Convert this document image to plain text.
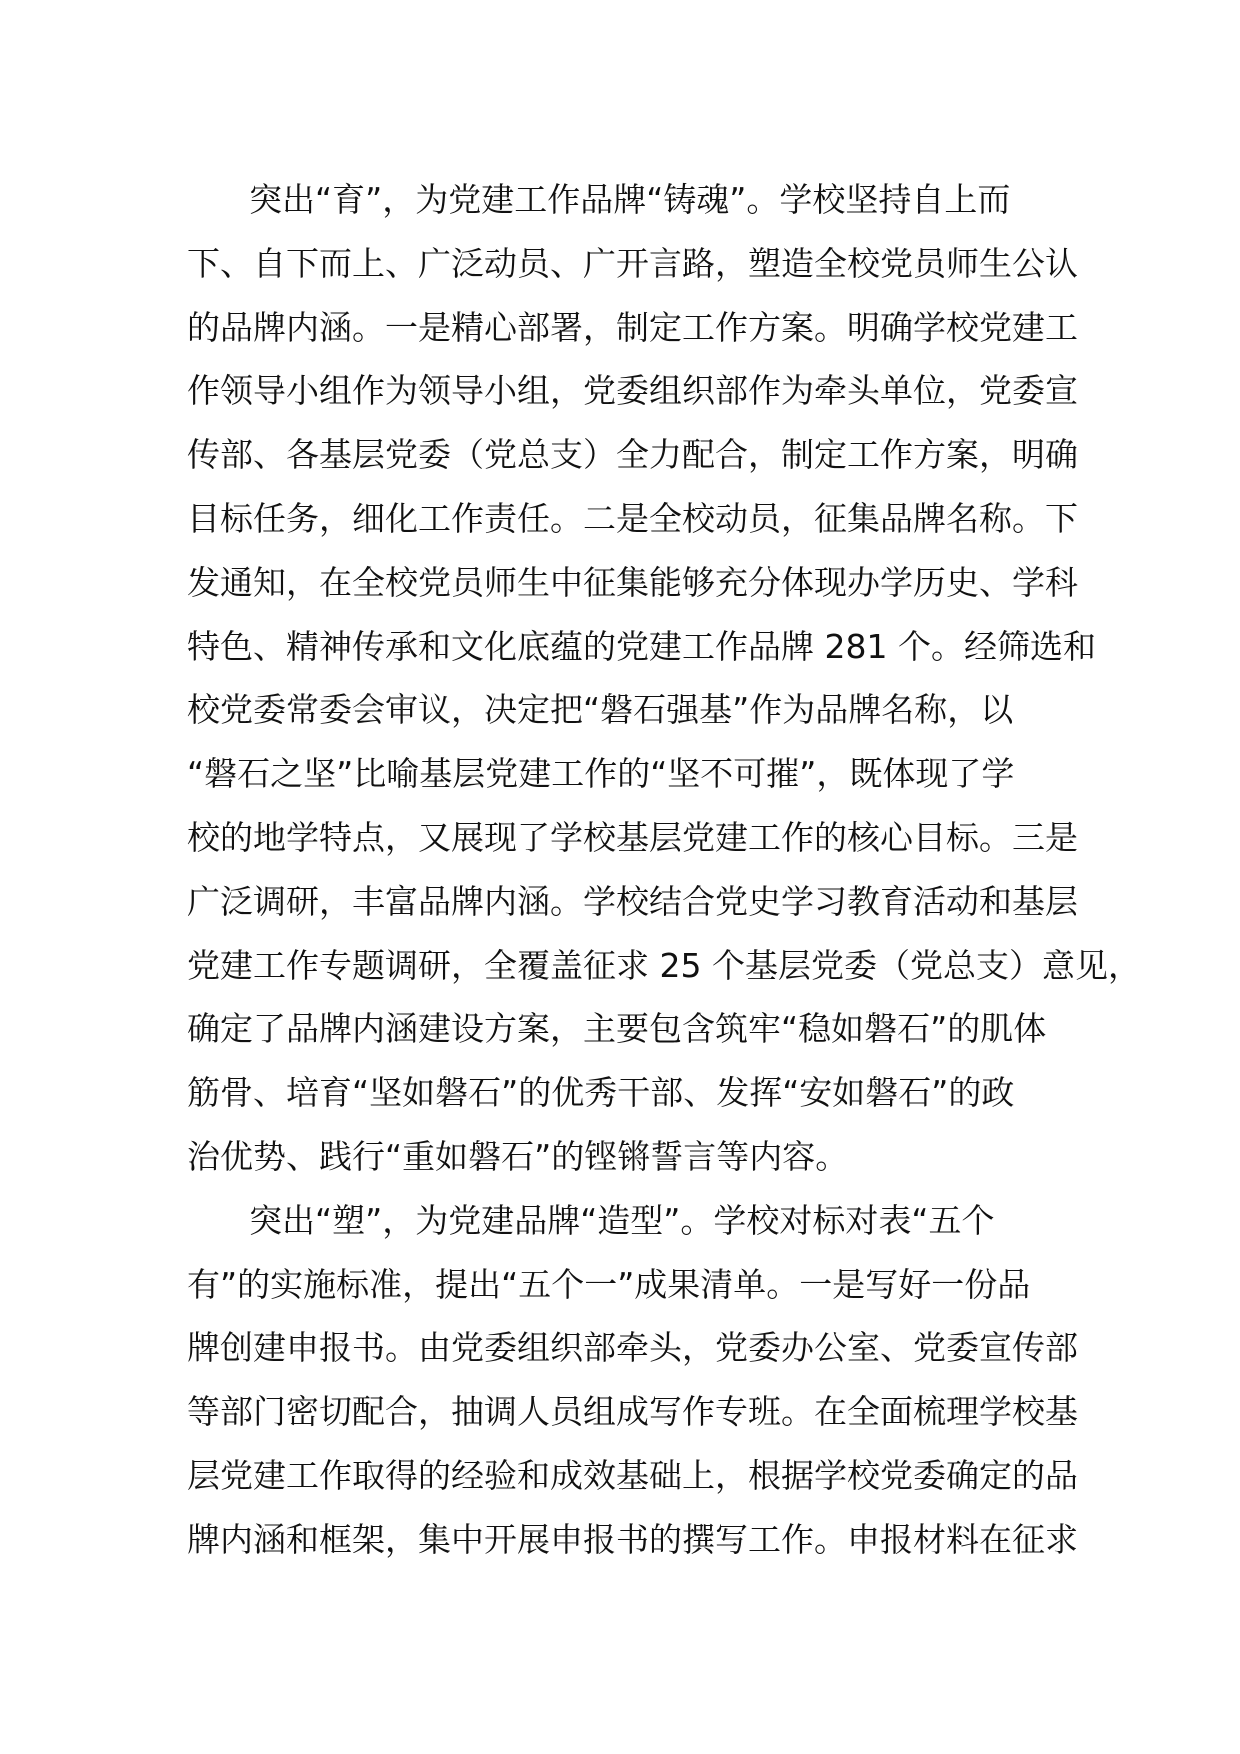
突出“育”，为党建工作品牌“铸魂”。学校坚持自上而
下、自下而上、广泛动员、广开言路，塑造全校党员师生公认
的品牌内涵。一是精心部署，制定工作方案。明确学校党建工
作领导小组作为领导小组，党委组织部作为牵头单位，党委宣
传部、各基层党委（党总支）全力配合，制定工作方案，明确
目标任务，细化工作责任。二是全校动员，征集品牌名称。下
发通知，在全校党员师生中征集能够充分体现办学历史、学科
特色、精神传承和文化底蕴的党建工作品牌 281 个。经筛选和
校党委常委会审议，决定把“磐石强基”作为品牌名称，以
“磐石之坚”比喻基层党建工作的“坚不可摧”，既体现了学
校的地学特点，又展现了学校基层党建工作的核心目标。三是
广泛调研，丰富品牌内涵。学校结合党史学习教育活动和基层
党建工作专题调研，全覆盖征求 25 个基层党委（党总支）意见，
确定了品牌内涵建设方案，主要包含筑牢“稳如磐石”的肌体
筋骨、培育“坚如磐石”的优秀干部、发挥“安如磐石”的政
治优势、践行“重如磐石”的铿锵誓言等内容。
突出“塑”，为党建品牌“造型”。学校对标对表“五个
有”的实施标准，提出“五个一”成果清单。一是写好一份品
牌创建申报书。由党委组织部牵头，党委办公室、党委宣传部
等部门密切配合，抽调人员组成写作专班。在全面梳理学校基
层党建工作取得的经验和成效基础上，根据学校党委确定的品
牌内涵和框架，集中开展申报书的撰写工作。申报材料在征求
